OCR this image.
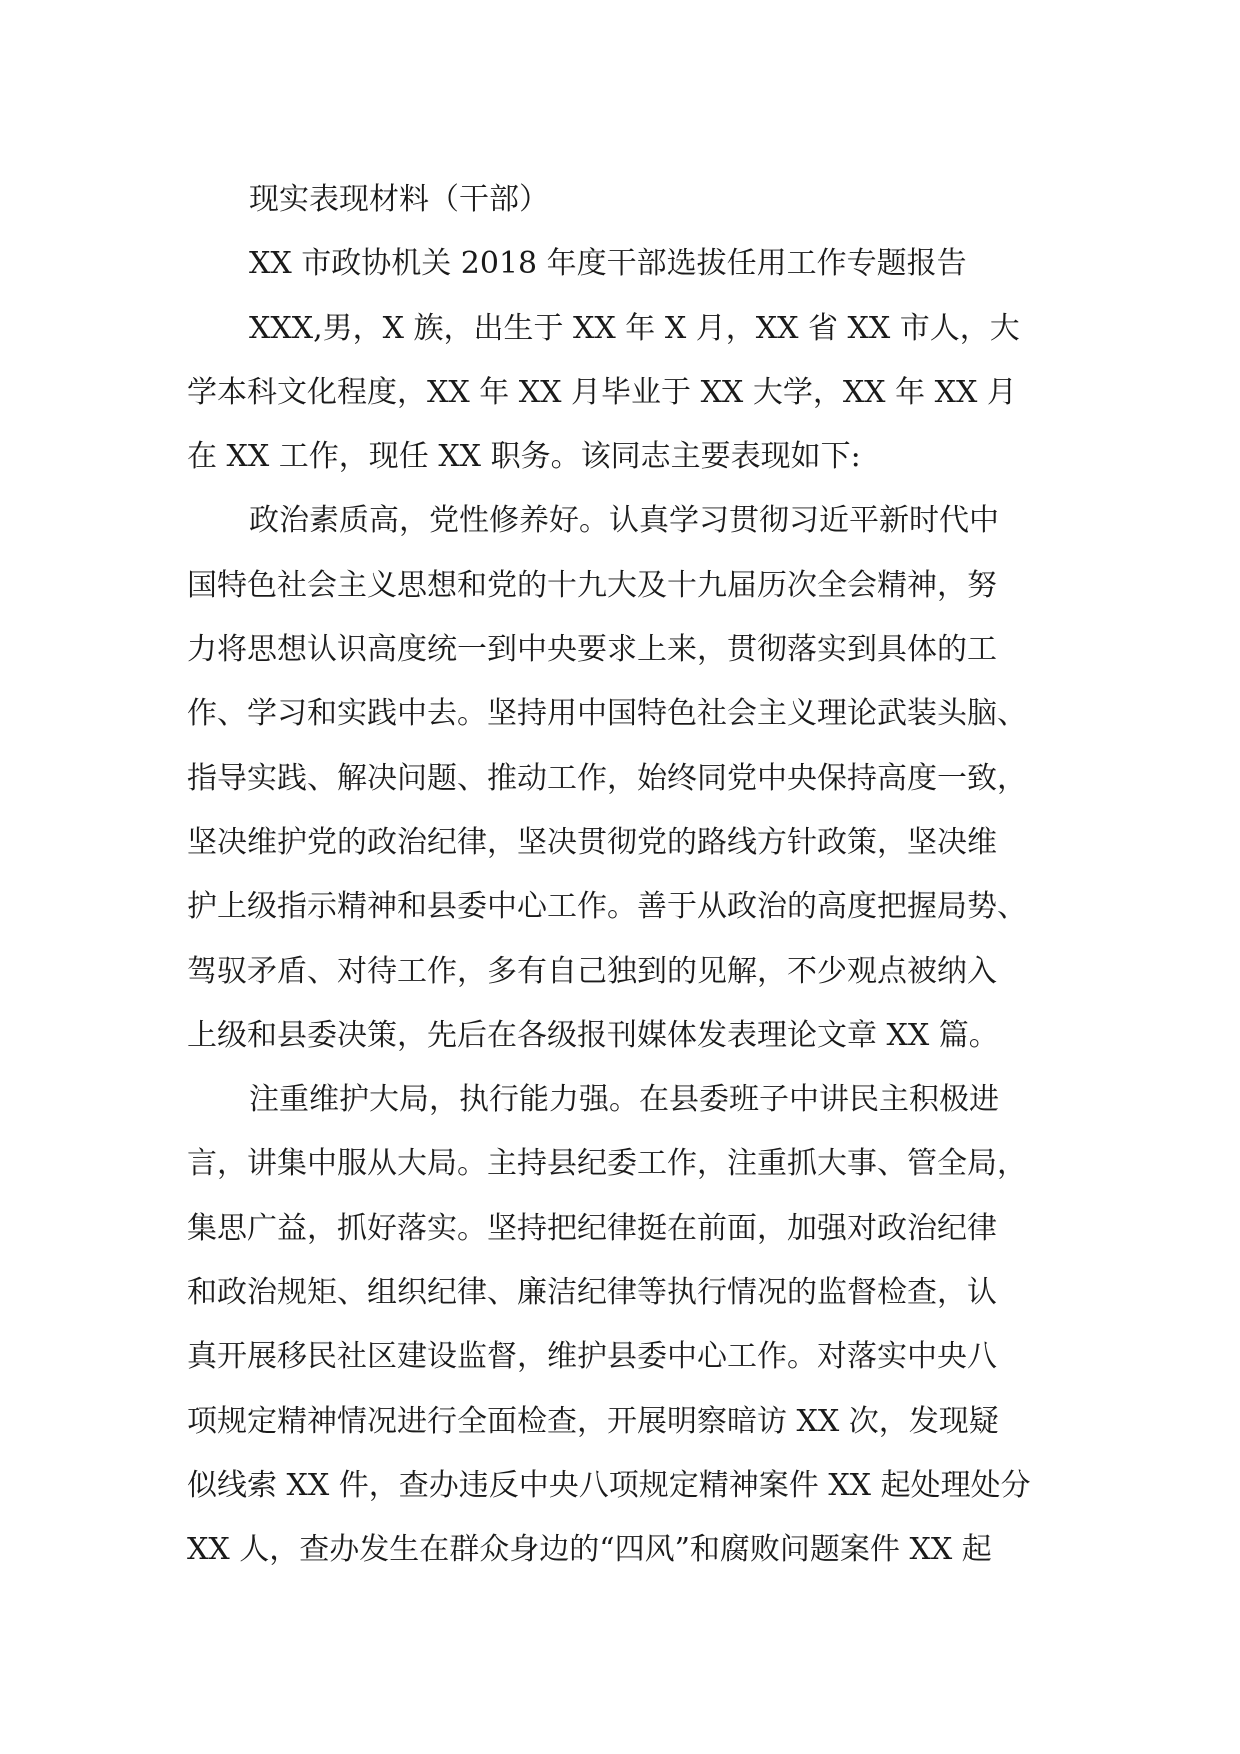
现实表现材料（干部）
XX 市政协机关 2018 年度干部选拔任用工作专题报告
XXX,男，X 族，出生于 XX 年 X 月，XX 省 XX 市人，大
学本科文化程度，XX 年 XX 月毕业于 XX 大学，XX 年 XX 月
在 XX 工作，现任 XX 职务。该同志主要表现如下:
政治素质高，党性修养好。认真学习贯彻习近平新时代中
国特色社会主义思想和党的十九大及十九届历次全会精神，努
力将思想认识高度统一到中央要求上来，贯彻落实到具体的工
作、学习和实践中去。坚持用中国特色社会主义理论武装头脑、
指导实践、解决问题、推动工作，始终同党中央保持高度一致，
坚决维护党的政治纪律，坚决贯彻党的路线方针政策，坚决维
护上级指示精神和县委中心工作。善于从政治的高度把握局势、
驾驭矛盾、对待工作，多有自己独到的见解，不少观点被纳入
上级和县委决策，先后在各级报刊媒体发表理论文章 XX 篇。
注重维护大局，执行能力强。在县委班子中讲民主积极进
言，讲集中服从大局。主持县纪委工作，注重抓大事、管全局，
集思广益，抓好落实。坚持把纪律挺在前面，加强对政治纪律
和政治规矩、组织纪律、廉洁纪律等执行情况的监督检查，认
真开展移民社区建设监督，维护县委中心工作。对落实中央八
项规定精神情况进行全面检查，开展明察暗访 XX 次，发现疑
似线索 XX 件，查办违反中央八项规定精神案件 XX 起处理处分
XX 人，查办发生在群众身边的“四风”和腐败问题案件 XX 起
